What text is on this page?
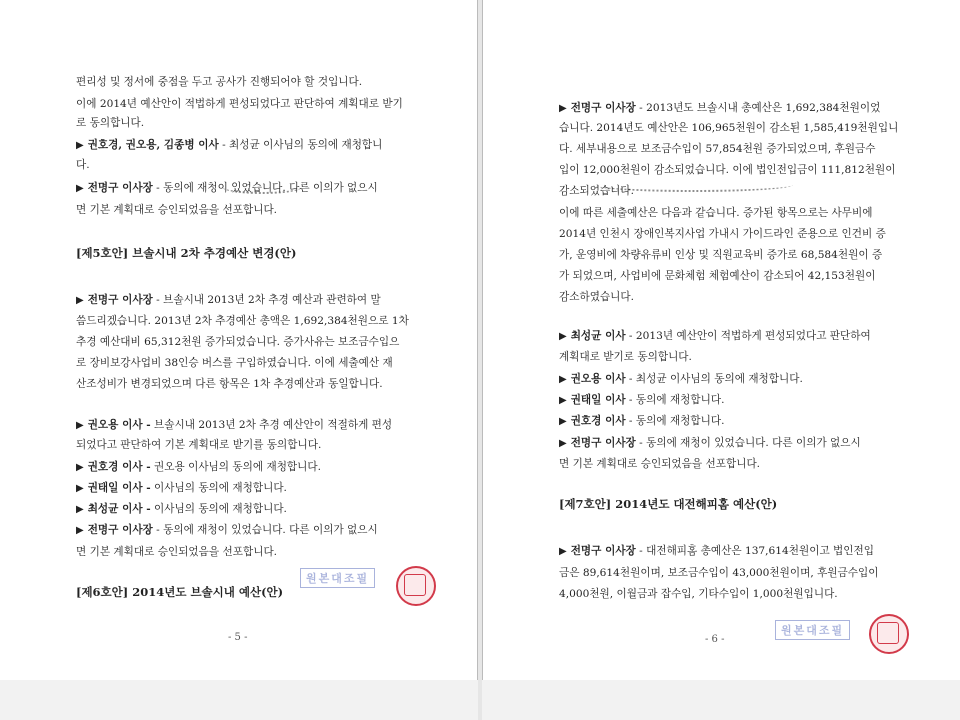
편리성 및 정서에 중점을 두고 공사가 진행되어야 할 것입니다.
이에 2014년 예산안이 적법하게 편성되었다고 판단하여 계획대로 받기
로 동의합니다.
▶ 권호경, 권오용, 김종병 이사 - 최성균 이사님의 동의에 재청합니
다.
▶ 전명구 이사장 - 동의에 재청이 있었습니다. 다른 이의가 없으시
면 기본 계획대로 승인되었음을 선포합니다.
[제5호안] 브솔시내 2차 추경예산 변경(안)
▶ 전명구 이사장 - 브솔시내 2013년 2차 추경 예산과 관련하여 말
씀드리겠습니다. 2013년 2차 추경예산 총액은 1,692,384천원으로 1차
추경 예산대비 65,312천원 증가되었습니다. 증가사유는 보조금수입으
로 장비보강사업비 38인승 버스를 구입하였습니다. 이에 세출예산 재
산조성비가 변경되었으며 다른 항목은 1차 추경예산과 동일합니다.
▶ 권오용 이사 - 브솔시내 2013년 2차 추경 예산안이 적절하게 편성
되었다고 판단하여 기본 계획대로 받기를 동의합니다.
▶ 권호경 이사 - 권오용 이사님의 동의에 재청합니다.
▶ 권태일 이사 - 이사님의 동의에 재청합니다.
▶ 최성균 이사 - 이사님의 동의에 재청합니다.
▶ 전명구 이사장 - 동의에 재청이 있었습니다. 다른 이의가 없으시
면 기본 계획대로 승인되었음을 선포합니다.
[제6호안] 2014년도 브솔시내 예산(안)
원본대조필
- 5 -
▶ 전명구 이사장 - 2013년도 브솔시내 총예산은 1,692,384천원이었
습니다. 2014년도 예산안은 106,965천원이 감소된 1,585,419천원입니
다. 세부내용으로 보조금수입이 57,854천원 증가되었으며, 후원금수
입이 12,000천원이 감소되었습니다. 이에 법인전입금이 111,812천원이
감소되었습니다.
이에 따른 세출예산은 다음과 같습니다. 증가된 항목으로는 사무비에
2014년 인천시 장애인복지사업 가내시 가이드라인 준용으로 인건비 증
가, 운영비에 차량유류비 인상 및 직원교육비 증가로 68,584천원이 증
가 되었으며, 사업비에 문화체험 체험예산이 감소되어 42,153천원이
감소하였습니다.
▶ 최성균 이사 - 2013년 예산안이 적법하게 편성되었다고 판단하여
계획대로 받기로 동의합니다.
▶ 권오용 이사 - 최성균 이사님의 동의에 재청합니다.
▶ 권태일 이사 - 동의에 재청합니다.
▶ 권호경 이사 - 동의에 재청합니다.
▶ 전명구 이사장 - 동의에 재청이 있었습니다. 다른 이의가 없으시
면 기본 계획대로 승인되었음을 선포합니다.
[제7호안] 2014년도 대전해피홈 예산(안)
▶ 전명구 이사장 - 대전해피홈 총예산은 137,614천원이고 법인전입
금은 89,614천원이며, 보조금수입이 43,000천원이며, 후원금수입이
4,000천원, 이월금과 잡수입, 기타수입이 1,000천원입니다.
원본대조필
- 6 -
